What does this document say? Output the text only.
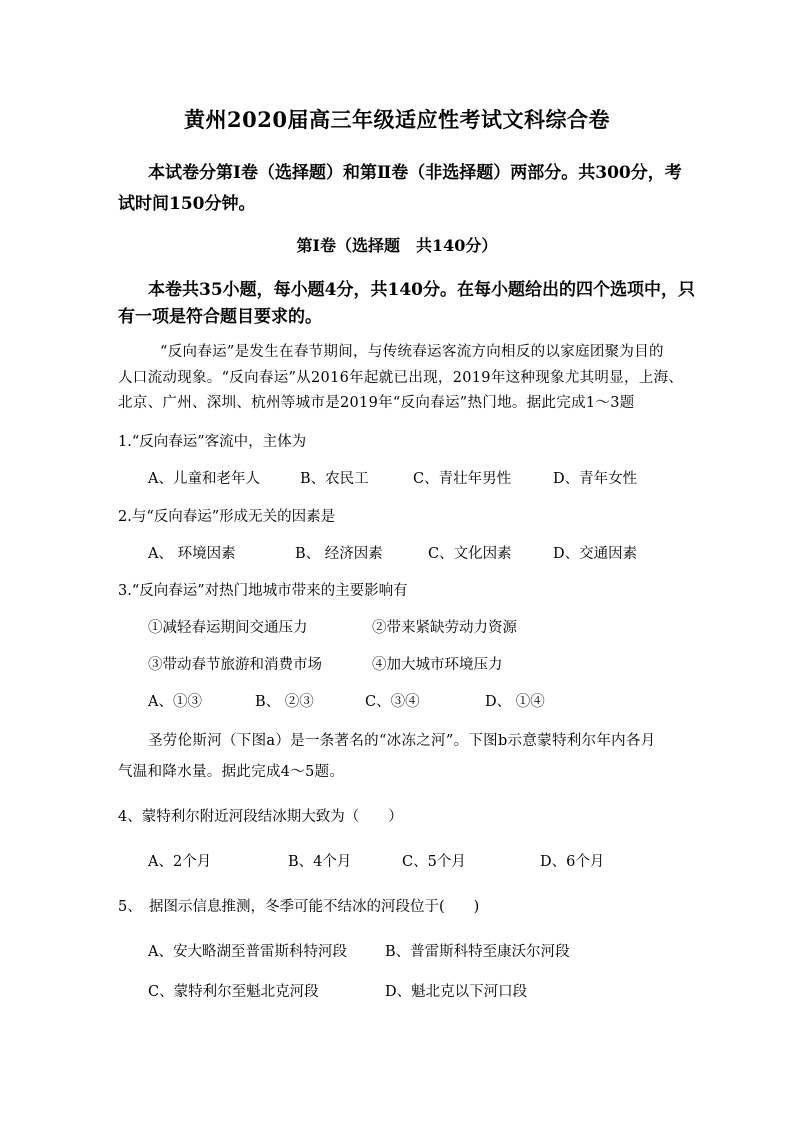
黄州2020届高三年级适应性考试文科综合卷
本试卷分第Ⅰ卷（选择题）和第Ⅱ卷（非选择题）两部分。共300分，考
试时间150分钟。
第Ⅰ卷（选择题　共140分）
本卷共35小题，每小题4分，共140分。在每小题给出的四个选项中，只
有一项是符合题目要求的。
“反向春运”是发生在春节期间，与传统春运客流方向相反的以家庭团聚为目的
人口流动现象。“反向春运”从2016年起就已出现，2019年这种现象尤其明显，上海、
北京、广州、深圳、杭州等城市是2019年“反向春运”热门地。据此完成1～3题
1.“反向春运”客流中，主体为
A、儿童和老年人	B、农民工	C、青壮年男性	D、青年女性
2.与“反向春运”形成无关的因素是
A、 环境因素	B、 经济因素	C、文化因素	D、交通因素
3.“反向春运”对热门地城市带来的主要影响有
①减轻春运期间交通压力	②带来紧缺劳动力资源
③带动春节旅游和消费市场	④加大城市环境压力
A、①③	B、 ②③	C、③④	D、 ①④
圣劳伦斯河（下图a）是一条著名的“冰冻之河”。下图b示意蒙特利尔年内各月
气温和降水量。据此完成4～5题。
4、蒙特利尔附近河段结冰期大致为（　　）
A、2个月	B、4个月	C、5个月	D、6个月
5、　据图示信息推测，冬季可能不结冰的河段位于(　　)
A、安大略湖至普雷斯科特河段	B、普雷斯科特至康沃尔河段
C、蒙特利尔至魁北克河段	D、魁北克以下河口段
